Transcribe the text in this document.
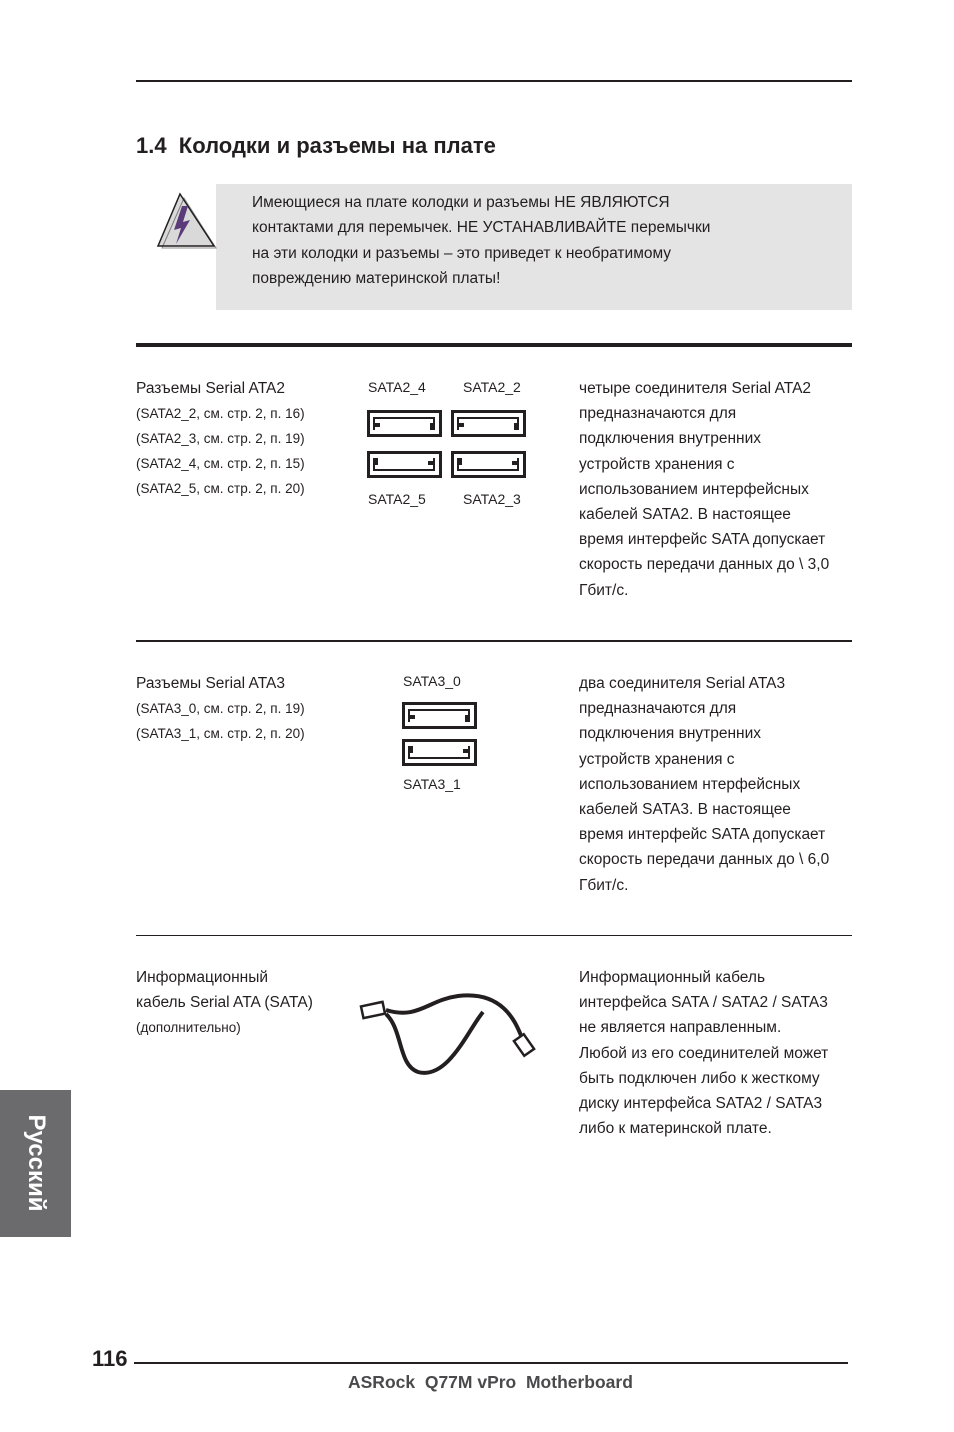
1.4  Колодки и разъемы на плате
Имеющиеся на плате колодки и разъемы НЕ ЯВЛЯЮТСЯ
контактами для перемычек. НЕ УСТАНАВЛИВАЙТЕ перемычки
на эти колодки и разъемы – это приведет к необратимому
повреждению материнской платы!
Разъемы Serial ATA2
(SATA2_2, см. стр. 2, п. 16)
(SATA2_3, см. стр. 2, п. 19)
(SATA2_4, см. стр. 2, п. 15)
(SATA2_5, см. стр. 2, п. 20)
SATA2_4	SATA2_2
SATA2_5	SATA2_3
четыре соединителя Serial ATA2
предназначаются для
подключения внутренних
устройств хранения с
использованием интерфейсных
кабелей SATA2. В настоящее
время интерфейс SATA допускает
скорость передачи данных до \ 3,0
Гбит/с.
Разъемы Serial ATA3
(SATA3_0, см. стр. 2, п. 19)
(SATA3_1, см. стр. 2, п. 20)
SATA3_0
SATA3_1
два соединителя Serial ATA3
предназначаются для
подключения внутренних
устройств хранения с
использованием нтерфейсных
кабелей SATA3. В настоящее
время интерфейс SATA допускает
скорость передачи данных до \ 6,0
Гбит/с.
Информационный
кабель Serial ATA (SATA)
(дополнительно)
Информационный кабель
интерфейса SATA / SATA2 / SATA3
не является направленным.
Любой из его соединителей может
быть подключен либо к жесткому
диску интерфейса SATA2 / SATA3
либо к материнской плате.
Русский
116
ASRock  Q77M vPro  Motherboard
